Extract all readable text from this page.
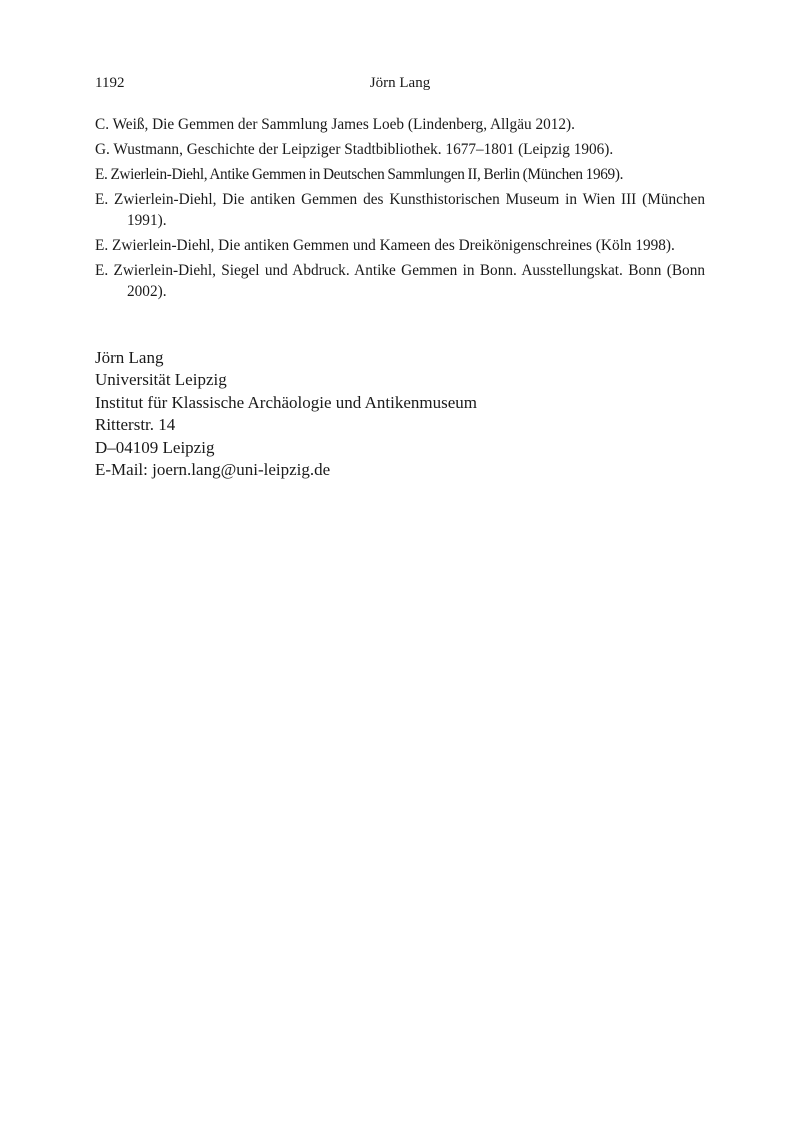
1192	Jörn Lang
C. Weiß, Die Gemmen der Sammlung James Loeb (Lindenberg, Allgäu 2012).
G. Wustmann, Geschichte der Leipziger Stadtbibliothek. 1677–1801 (Leipzig 1906).
E. Zwierlein-Diehl, Antike Gemmen in Deutschen Sammlungen II, Berlin (München 1969).
E. Zwierlein-Diehl, Die antiken Gemmen des Kunsthistorischen Museum in Wien III (München 1991).
E. Zwierlein-Diehl, Die antiken Gemmen und Kameen des Dreikönigenschreines (Köln 1998).
E. Zwierlein-Diehl, Siegel und Abdruck. Antike Gemmen in Bonn. Ausstellungskat. Bonn (Bonn 2002).
Jörn Lang
Universität Leipzig
Institut für Klassische Archäologie und Antikenmuseum
Ritterstr. 14
D–04109 Leipzig
E-Mail: joern.lang@uni-leipzig.de
